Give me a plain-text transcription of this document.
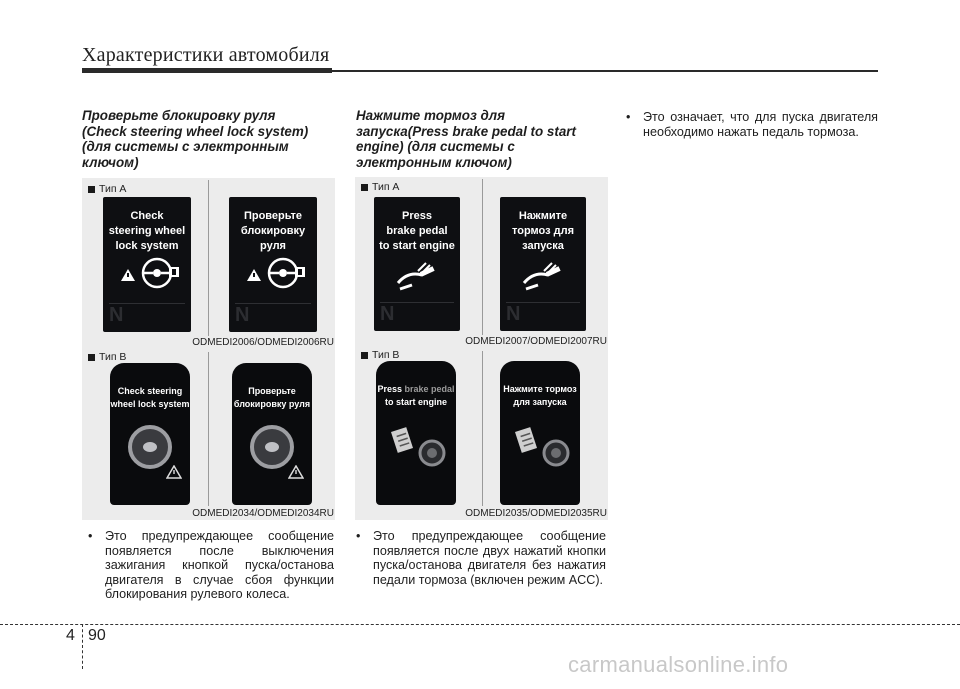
Характеристики автомобиля
Проверьте блокировку руля
(Check steering wheel lock system)
(для системы с электронным
ключом)
Тип A
Check
steering wheel
lock system
N
Проверьте
блокировку
руля
N
ODMEDI2006/ODMEDI2006RU
Тип B
Check steering
wheel lock system
Проверьте
блокировку руля
ODMEDI2034/ODMEDI2034RU
• Это предупреждающее сообщение появляется после выключения зажигания кнопкой пуска/останова двигателя в случае сбоя функции блокирования рулевого колеса.
Нажмите тормоз для
запуска(Press brake pedal to start
engine) (для системы с
электронным ключом)
Тип A
Press
brake pedal
to start engine
N
Нажмите
тормоз для
запуска
N
ODMEDI2007/ODMEDI2007RU
Тип B
Press brake pedal
to start engine
Нажмите тормоз
для запуска
ODMEDI2035/ODMEDI2035RU
• Это предупреждающее сообщение появляется после двух нажатий кнопки пуска/останова двигателя без нажатия педали тормоза (включен режим ACC).
• Это означает, что для пуска двигателя необходимо нажать педаль тормоза.
4 90
carmanualsonline.info
